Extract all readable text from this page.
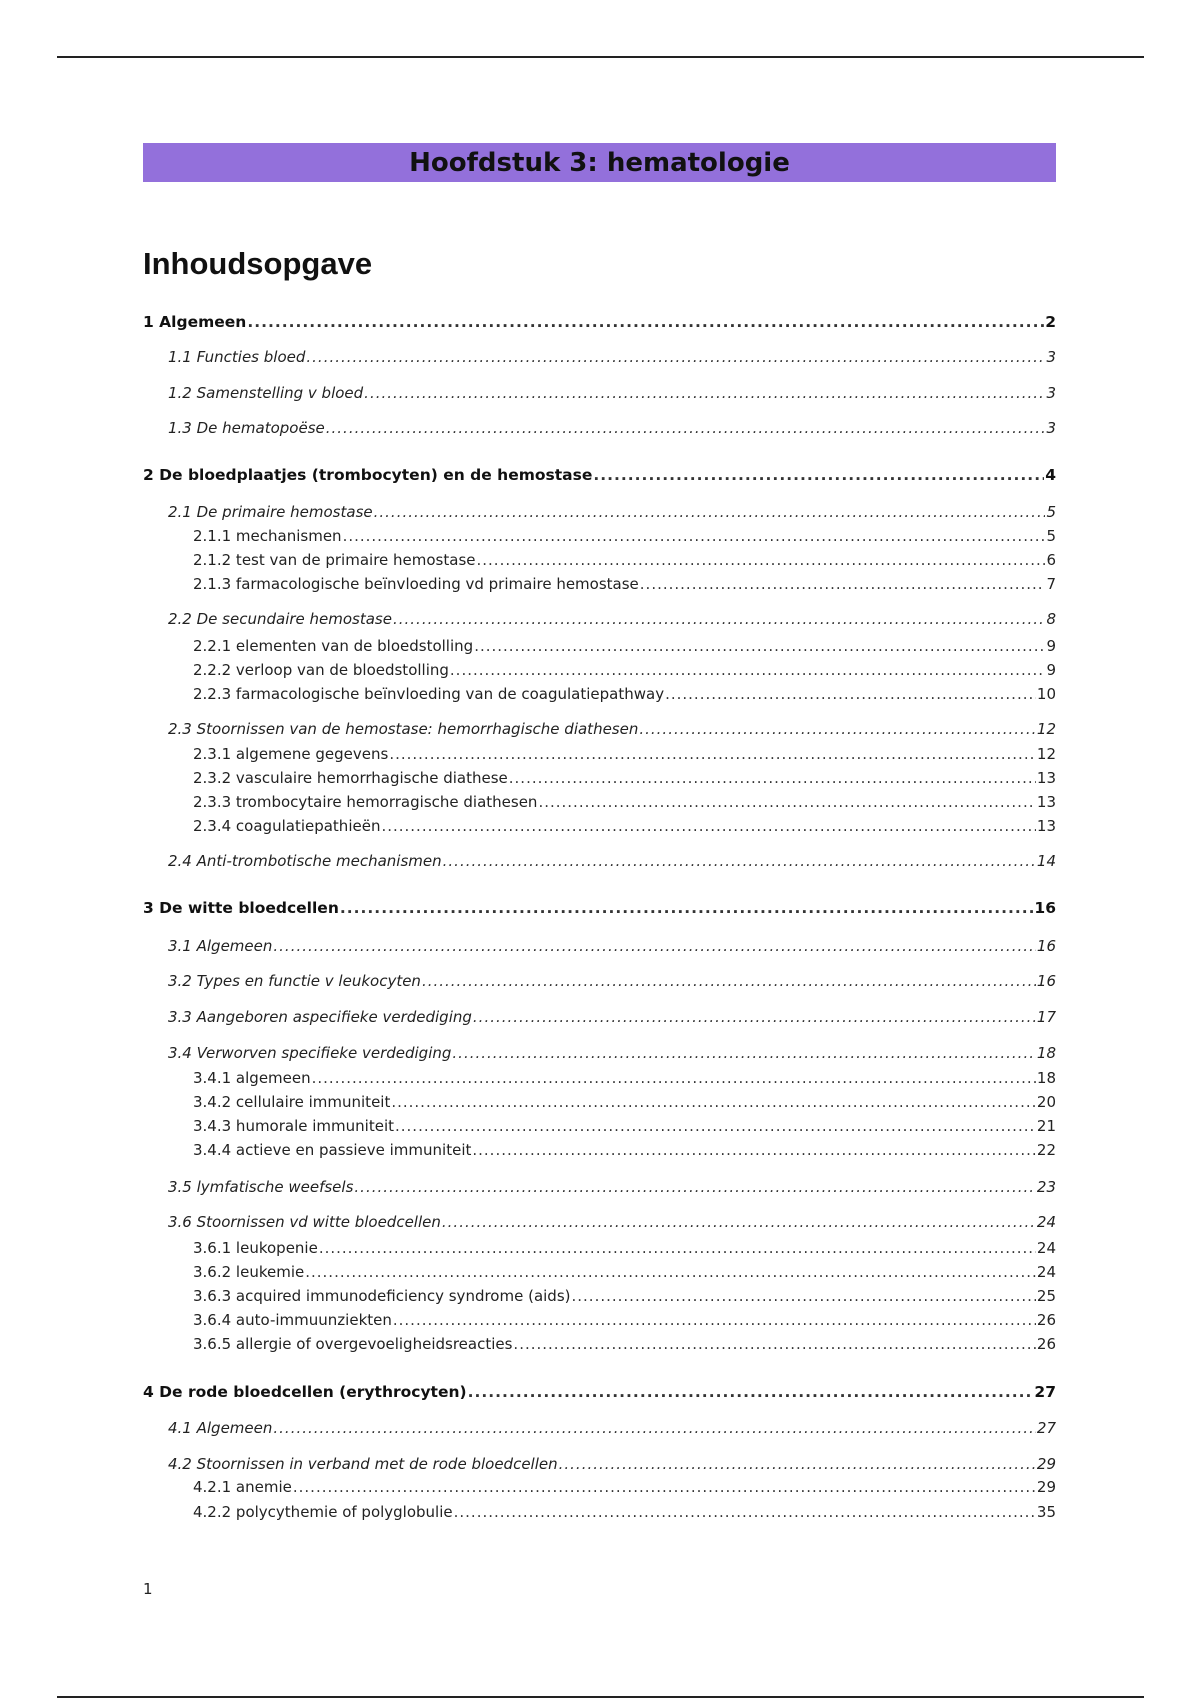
Hoofdstuk 3: hematologie
Inhoudsopgave
1 Algemeen .....	2
1.1 Functies bloed .....	3
1.2 Samenstelling v bloed .....	3
1.3 De hematopoëse .....	3
2 De bloedplaatjes (trombocyten) en de hemostase .....	4
2.1 De primaire hemostase .....	5
2.1.1 mechanismen .....	5
2.1.2 test van de primaire hemostase .....	6
2.1.3 farmacologische beïnvloeding vd primaire hemostase .....	7
2.2 De secundaire hemostase .....	8
2.2.1 elementen van de bloedstolling .....	9
2.2.2 verloop van de bloedstolling .....	9
2.2.3 farmacologische beïnvloeding van de coagulatiepathway .....	10
2.3 Stoornissen van de hemostase: hemorrhagische diathesen .....	12
2.3.1 algemene gegevens .....	12
2.3.2 vasculaire hemorrhagische diathese .....	13
2.3.3 trombocytaire hemorragische diathesen .....	13
2.3.4 coagulatiepathieën .....	13
2.4 Anti-trombotische mechanismen .....	14
3 De witte bloedcellen .....	16
3.1 Algemeen .....	16
3.2 Types en functie v leukocyten .....	16
3.3 Aangeboren aspecifieke verdediging .....	17
3.4 Verworven specifieke verdediging .....	18
3.4.1 algemeen .....	18
3.4.2 cellulaire immuniteit .....	20
3.4.3 humorale immuniteit .....	21
3.4.4 actieve en passieve immuniteit .....	22
3.5 lymfatische weefsels .....	23
3.6 Stoornissen vd witte bloedcellen .....	24
3.6.1 leukopenie .....	24
3.6.2 leukemie .....	24
3.6.3 acquired immunodeficiency syndrome (aids) .....	25
3.6.4 auto-immuunziekten .....	26
3.6.5 allergie of overgevoeligheidsreacties .....	26
4 De rode bloedcellen (erythrocyten) .....	27
4.1 Algemeen .....	27
4.2 Stoornissen in verband met de rode bloedcellen .....	29
4.2.1 anemie .....	29
4.2.2 polycythemie of polyglobulie .....	35
1
